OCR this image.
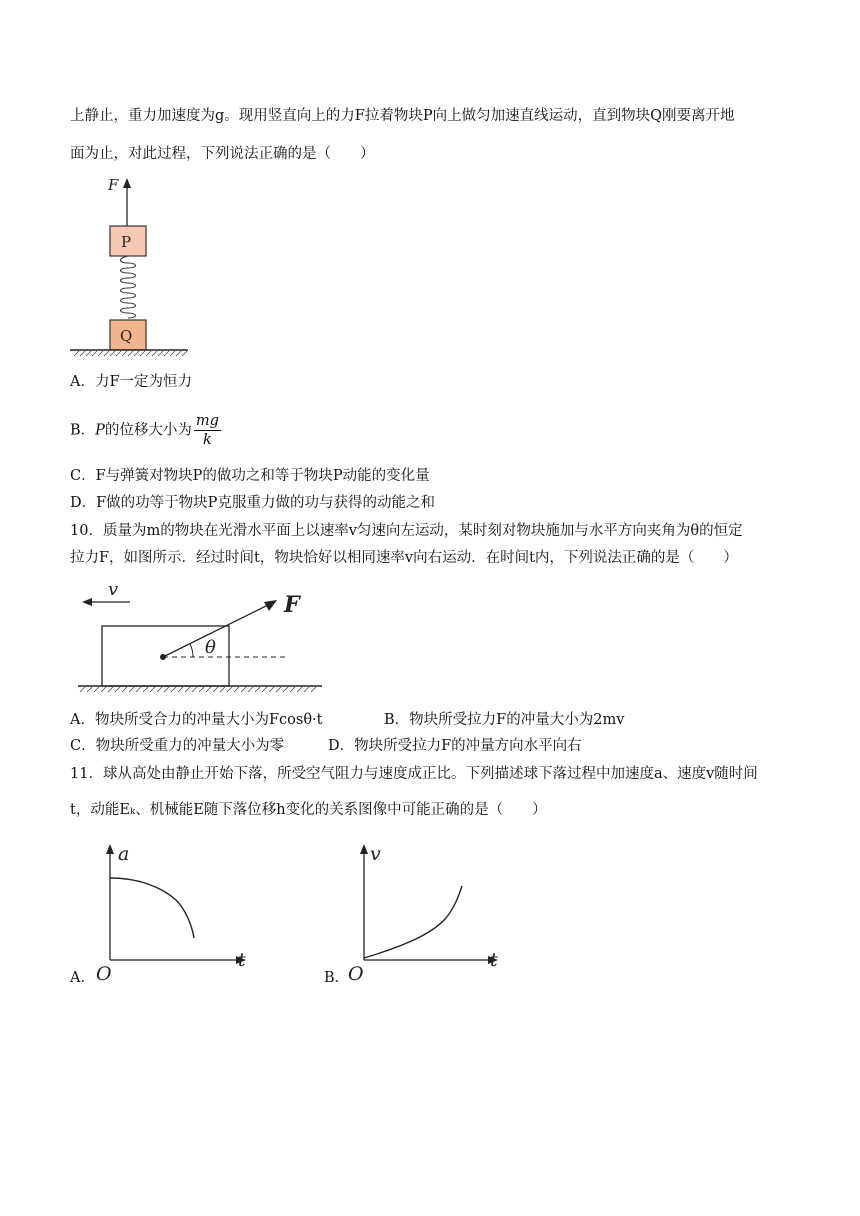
上静止，重力加速度为g。现用竖直向上的力F拉着物块P向上做匀加速直线运动，直到物块Q刚要离开地
面为止，对此过程，下列说法正确的是（　　）
F
P
Q
A．力F一定为恒力
B．P的位移大小为 $\frac{mg}{k}$
C．F与弹簧对物块P的做功之和等于物块P动能的变化量
D．F做的功等于物块P克服重力做的功与获得的动能之和
10．质量为m的物块在光滑水平面上以速率v匀速向左运动，某时刻对物块施加与水平方向夹角为θ的恒定
拉力F，如图所示．经过时间t，物块恰好以相同速率v向右运动．在时间t内，下列说法正确的是（　　）
v
θ
F
A．物块所受合力的冲量大小为Fcosθ·t	B．物块所受拉力F的冲量大小为2mv
C．物块所受重力的冲量大小为零	D．物块所受拉力F的冲量方向水平向右
11．球从高处由静止开始下落，所受空气阻力与速度成正比。下列描述球下落过程中加速度a、速度v随时间
t，动能Eₖ、机械能E随下落位移h变化的关系图像中可能正确的是（　　）
A．
a
t
O	B．
v
t
O
